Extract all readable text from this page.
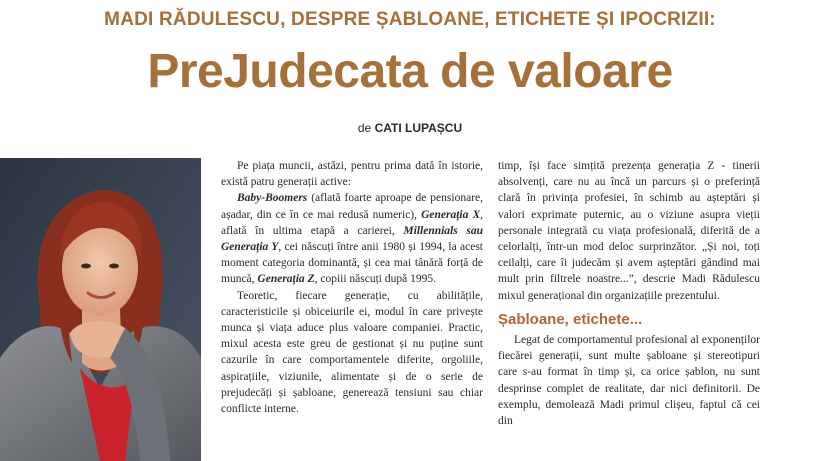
MADI RĂDULESCU, DESPRE ȘABLOANE, ETICHETE ȘI IPOCRIZII:
PreJudecata de valoare
de CATI LUPAȘCU

Pe piața muncii, astăzi, pentru prima dată în istorie, există patru generații active:

Baby-Boomers (aflată foarte aproape de pensionare, așadar, din ce în ce mai redusă numeric), Generația X, aflată în ultima etapă a carierei, Millennials sau Generația Y, cei născuți între anii 1980 și 1994, la acest moment categoria dominantă, și cea mai tânără forță de muncă, Generația Z, copiii născuți după 1995.

Teoretic, fiecare generație, cu abilitățile, caracteristicile și obiceiurile ei, modul în care privește munca și viața aduce plus valoare companiei. Practic, mixul acesta este greu de gestionat și nu puține sunt cazurile în care comportamentele diferite, orgoliile, aspirațiile, viziunile, alimentate și de o serie de prejudecăți și șabloane, generează tensiuni sau chiar conflicte interne.

timp, își face simțită prezența generația Z - tinerii absolvenți, care nu au încă un parcurs și o preferință clară în privința profesiei, în schimb au așteptări și valori exprimate puternic, au o viziune asupra vieții personale integrată cu viața profesională, diferită de a celorlalți, într-un mod deloc surprinzător. „Și noi, toți ceilalți, care îi judecăm și avem așteptări gândind mai mult prin filtrele noastre...”, descrie Madi Rădulescu mixul generațional din organizațiile prezentului.

Șabloane, etichete...

Legat de comportamentul profesional al exponenților fiecărei generații, sunt multe șabloane și stereotipuri care s-au format în timp și, ca orice șablon, nu sunt desprinse complet de realitate, dar nici definitorii. De exemplu, demolează Madi primul clișeu, faptul că cei din
